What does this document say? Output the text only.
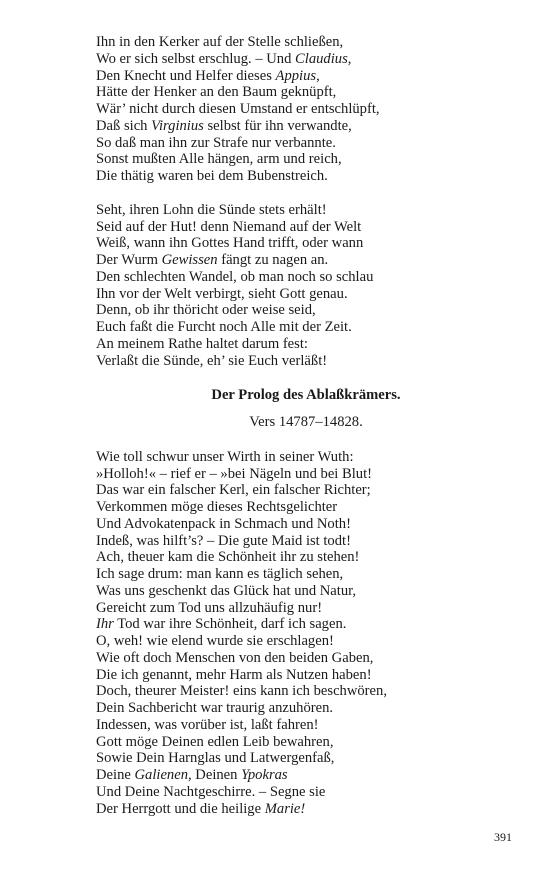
Ihn in den Kerker auf der Stelle schließen,
Wo er sich selbst erschlug. – Und Claudius,
Den Knecht und Helfer dieses Appius,
Hätte der Henker an den Baum geknüpft,
Wär’ nicht durch diesen Umstand er entschlüpft,
Daß sich Virginius selbst für ihn verwandte,
So daß man ihn zur Strafe nur verbannte.
Sonst mußten Alle hängen, arm und reich,
Die thätig waren bei dem Bubenstreich.
Seht, ihren Lohn die Sünde stets erhält!
Seid auf der Hut! denn Niemand auf der Welt
Weiß, wann ihn Gottes Hand trifft, oder wann
Der Wurm Gewissen fängt zu nagen an.
Den schlechten Wandel, ob man noch so schlau
Ihn vor der Welt verbirgt, sieht Gott genau.
Denn, ob ihr thöricht oder weise seid,
Euch faßt die Furcht noch Alle mit der Zeit.
An meinem Rathe haltet darum fest:
Verlaßt die Sünde, eh’ sie Euch verläßt!
Der Prolog des Ablaßkrämers.
Vers 14787–14828.
Wie toll schwur unser Wirth in seiner Wuth:
»Holloh!« – rief er – »bei Nägeln und bei Blut!
Das war ein falscher Kerl, ein falscher Richter;
Verkommen möge dieses Rechtsgelichter
Und Advokatenpack in Schmach und Noth!
Indeß, was hilft’s? – Die gute Maid ist todt!
Ach, theuer kam die Schönheit ihr zu stehen!
Ich sage drum: man kann es täglich sehen,
Was uns geschenkt das Glück hat und Natur,
Gereicht zum Tod uns allzuhäufig nur!
Ihr Tod war ihre Schönheit, darf ich sagen.
O, weh! wie elend wurde sie erschlagen!
Wie oft doch Menschen von den beiden Gaben,
Die ich genannt, mehr Harm als Nutzen haben!
Doch, theurer Meister! eins kann ich beschwören,
Dein Sachbericht war traurig anzuhören.
Indessen, was vorüber ist, laßt fahren!
Gott möge Deinen edlen Leib bewahren,
Sowie Dein Harnglas und Latwergenfaß,
Deine Galienen, Deinen Ypokras
Und Deine Nachtgeschirre. – Segne sie
Der Herrgott und die heilige Marie!
391
